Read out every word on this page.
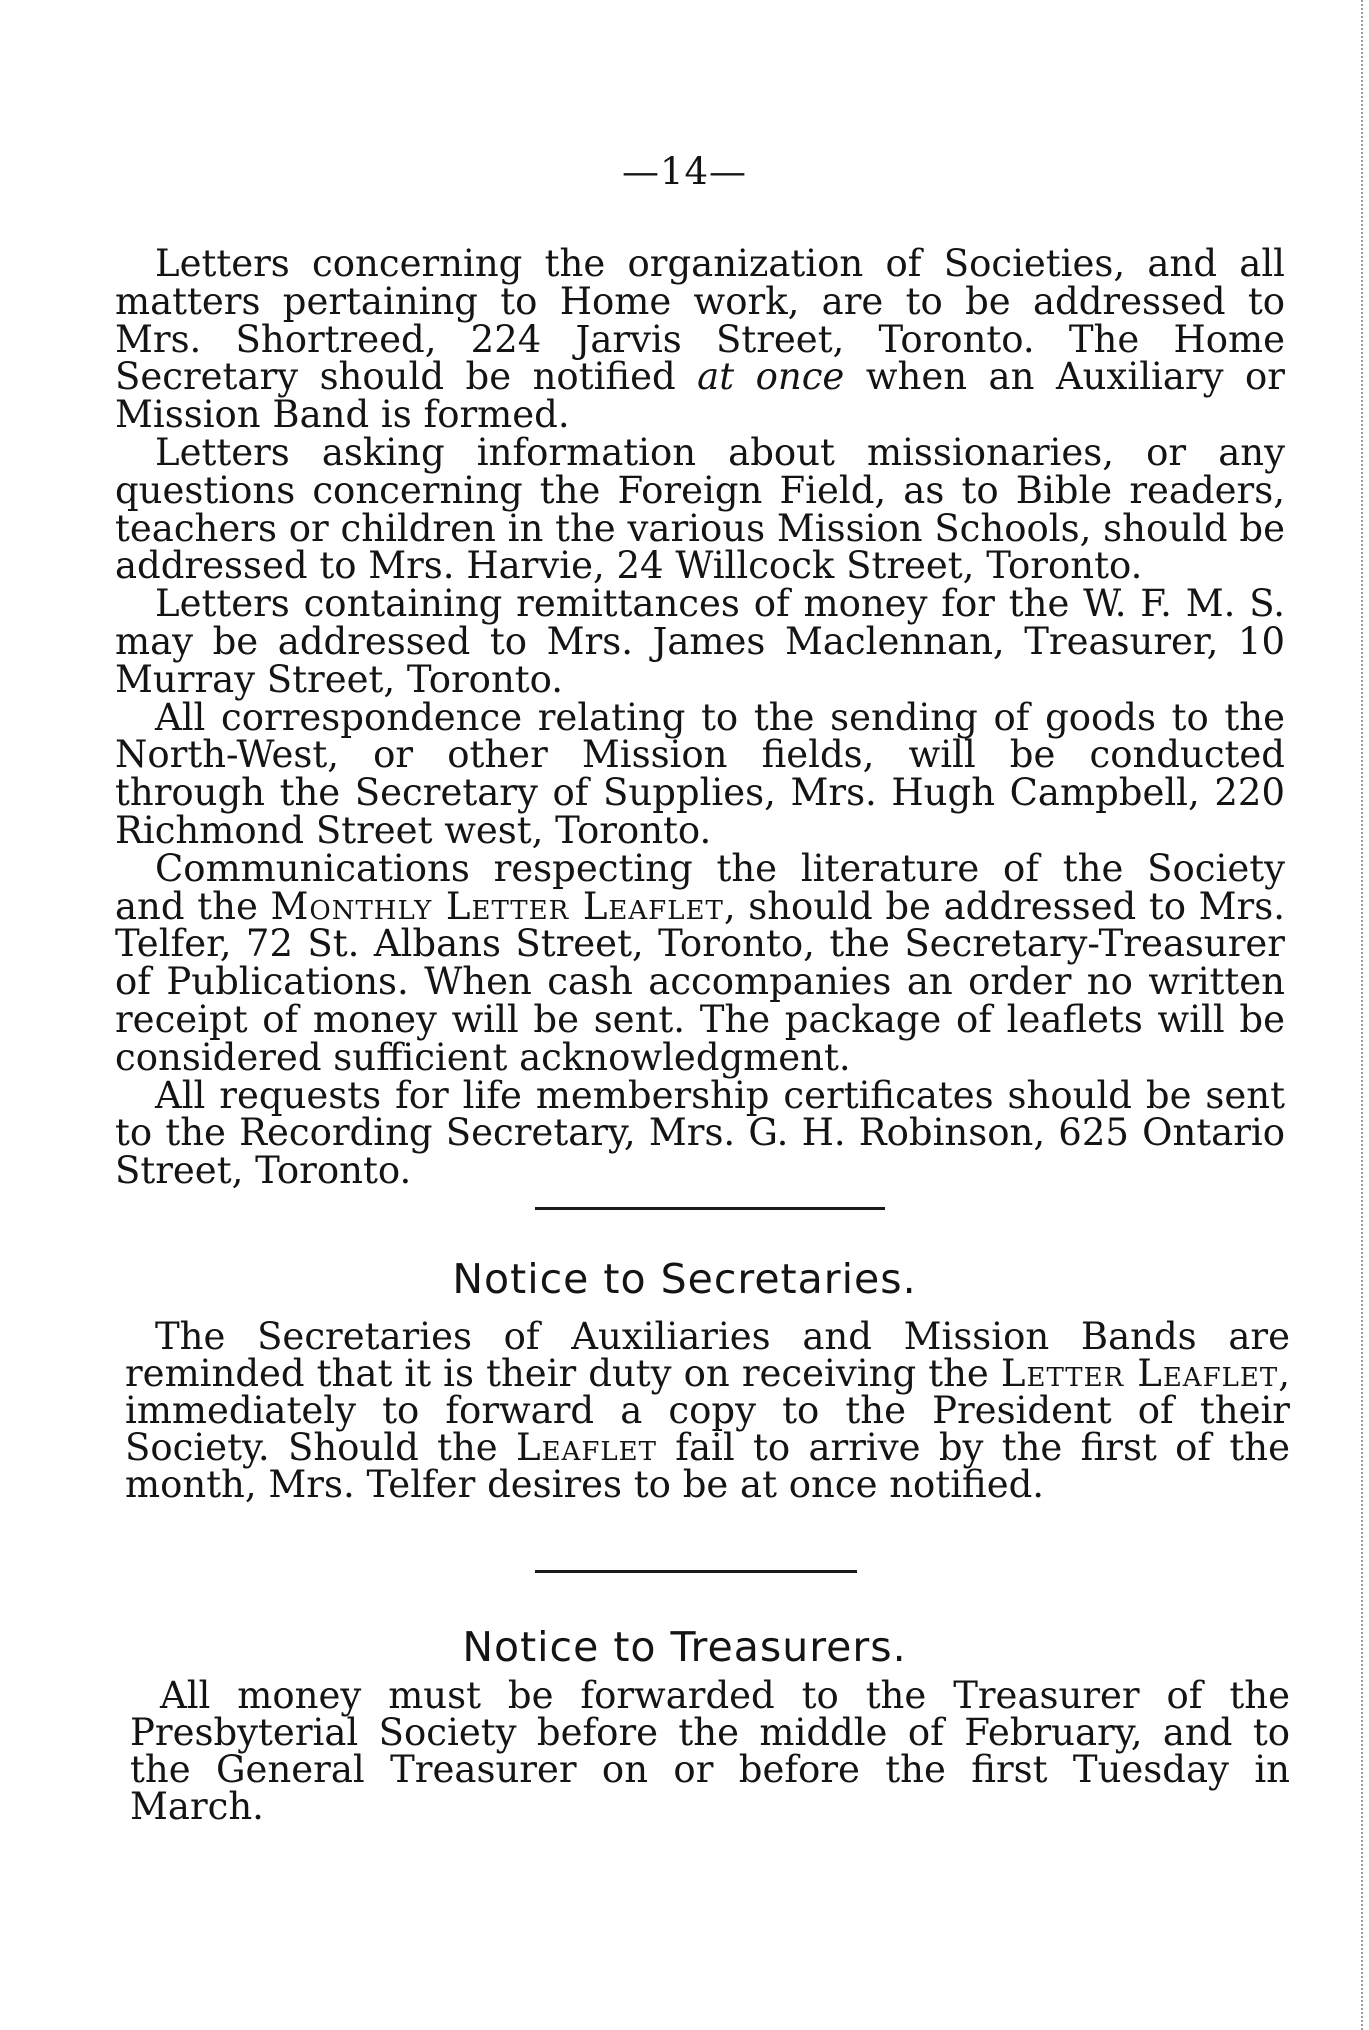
—14—

Letters concerning the organization of Societies, and all matters pertaining to Home work, are to be addressed to Mrs. Shortreed, 224 Jarvis Street, Toronto. The Home Secretary should be notified at once when an Auxiliary or Mission Band is formed.

Letters asking information about missionaries, or any questions concerning the Foreign Field, as to Bible readers, teachers or children in the various Mission Schools, should be addressed to Mrs. Harvie, 24 Willcock Street, Toronto.

Letters containing remittances of money for the W. F. M. S. may be addressed to Mrs. James Maclennan, Treasurer, 10 Murray Street, Toronto.

All correspondence relating to the sending of goods to the North-West, or other Mission fields, will be conducted through the Secretary of Supplies, Mrs. Hugh Campbell, 220 Richmond Street west, Toronto.

Communications respecting the literature of the Society and the Monthly Letter Leaflet, should be addressed to Mrs. Telfer, 72 St. Albans Street, Toronto, the Secretary-Treasurer of Publications. When cash accompanies an order no written receipt of money will be sent. The package of leaflets will be considered sufficient acknowledgment.

All requests for life membership certificates should be sent to the Recording Secretary, Mrs. G. H. Robinson, 625 Ontario Street, Toronto.

Notice to Secretaries.

The Secretaries of Auxiliaries and Mission Bands are reminded that it is their duty on receiving the Letter Leaflet, immediately to forward a copy to the President of their Society. Should the Leaflet fail to arrive by the first of the month, Mrs. Telfer desires to be at once notified.

Notice to Treasurers.

All money must be forwarded to the Treasurer of the Presbyterial Society before the middle of February, and to the General Treasurer on or before the first Tuesday in March.
